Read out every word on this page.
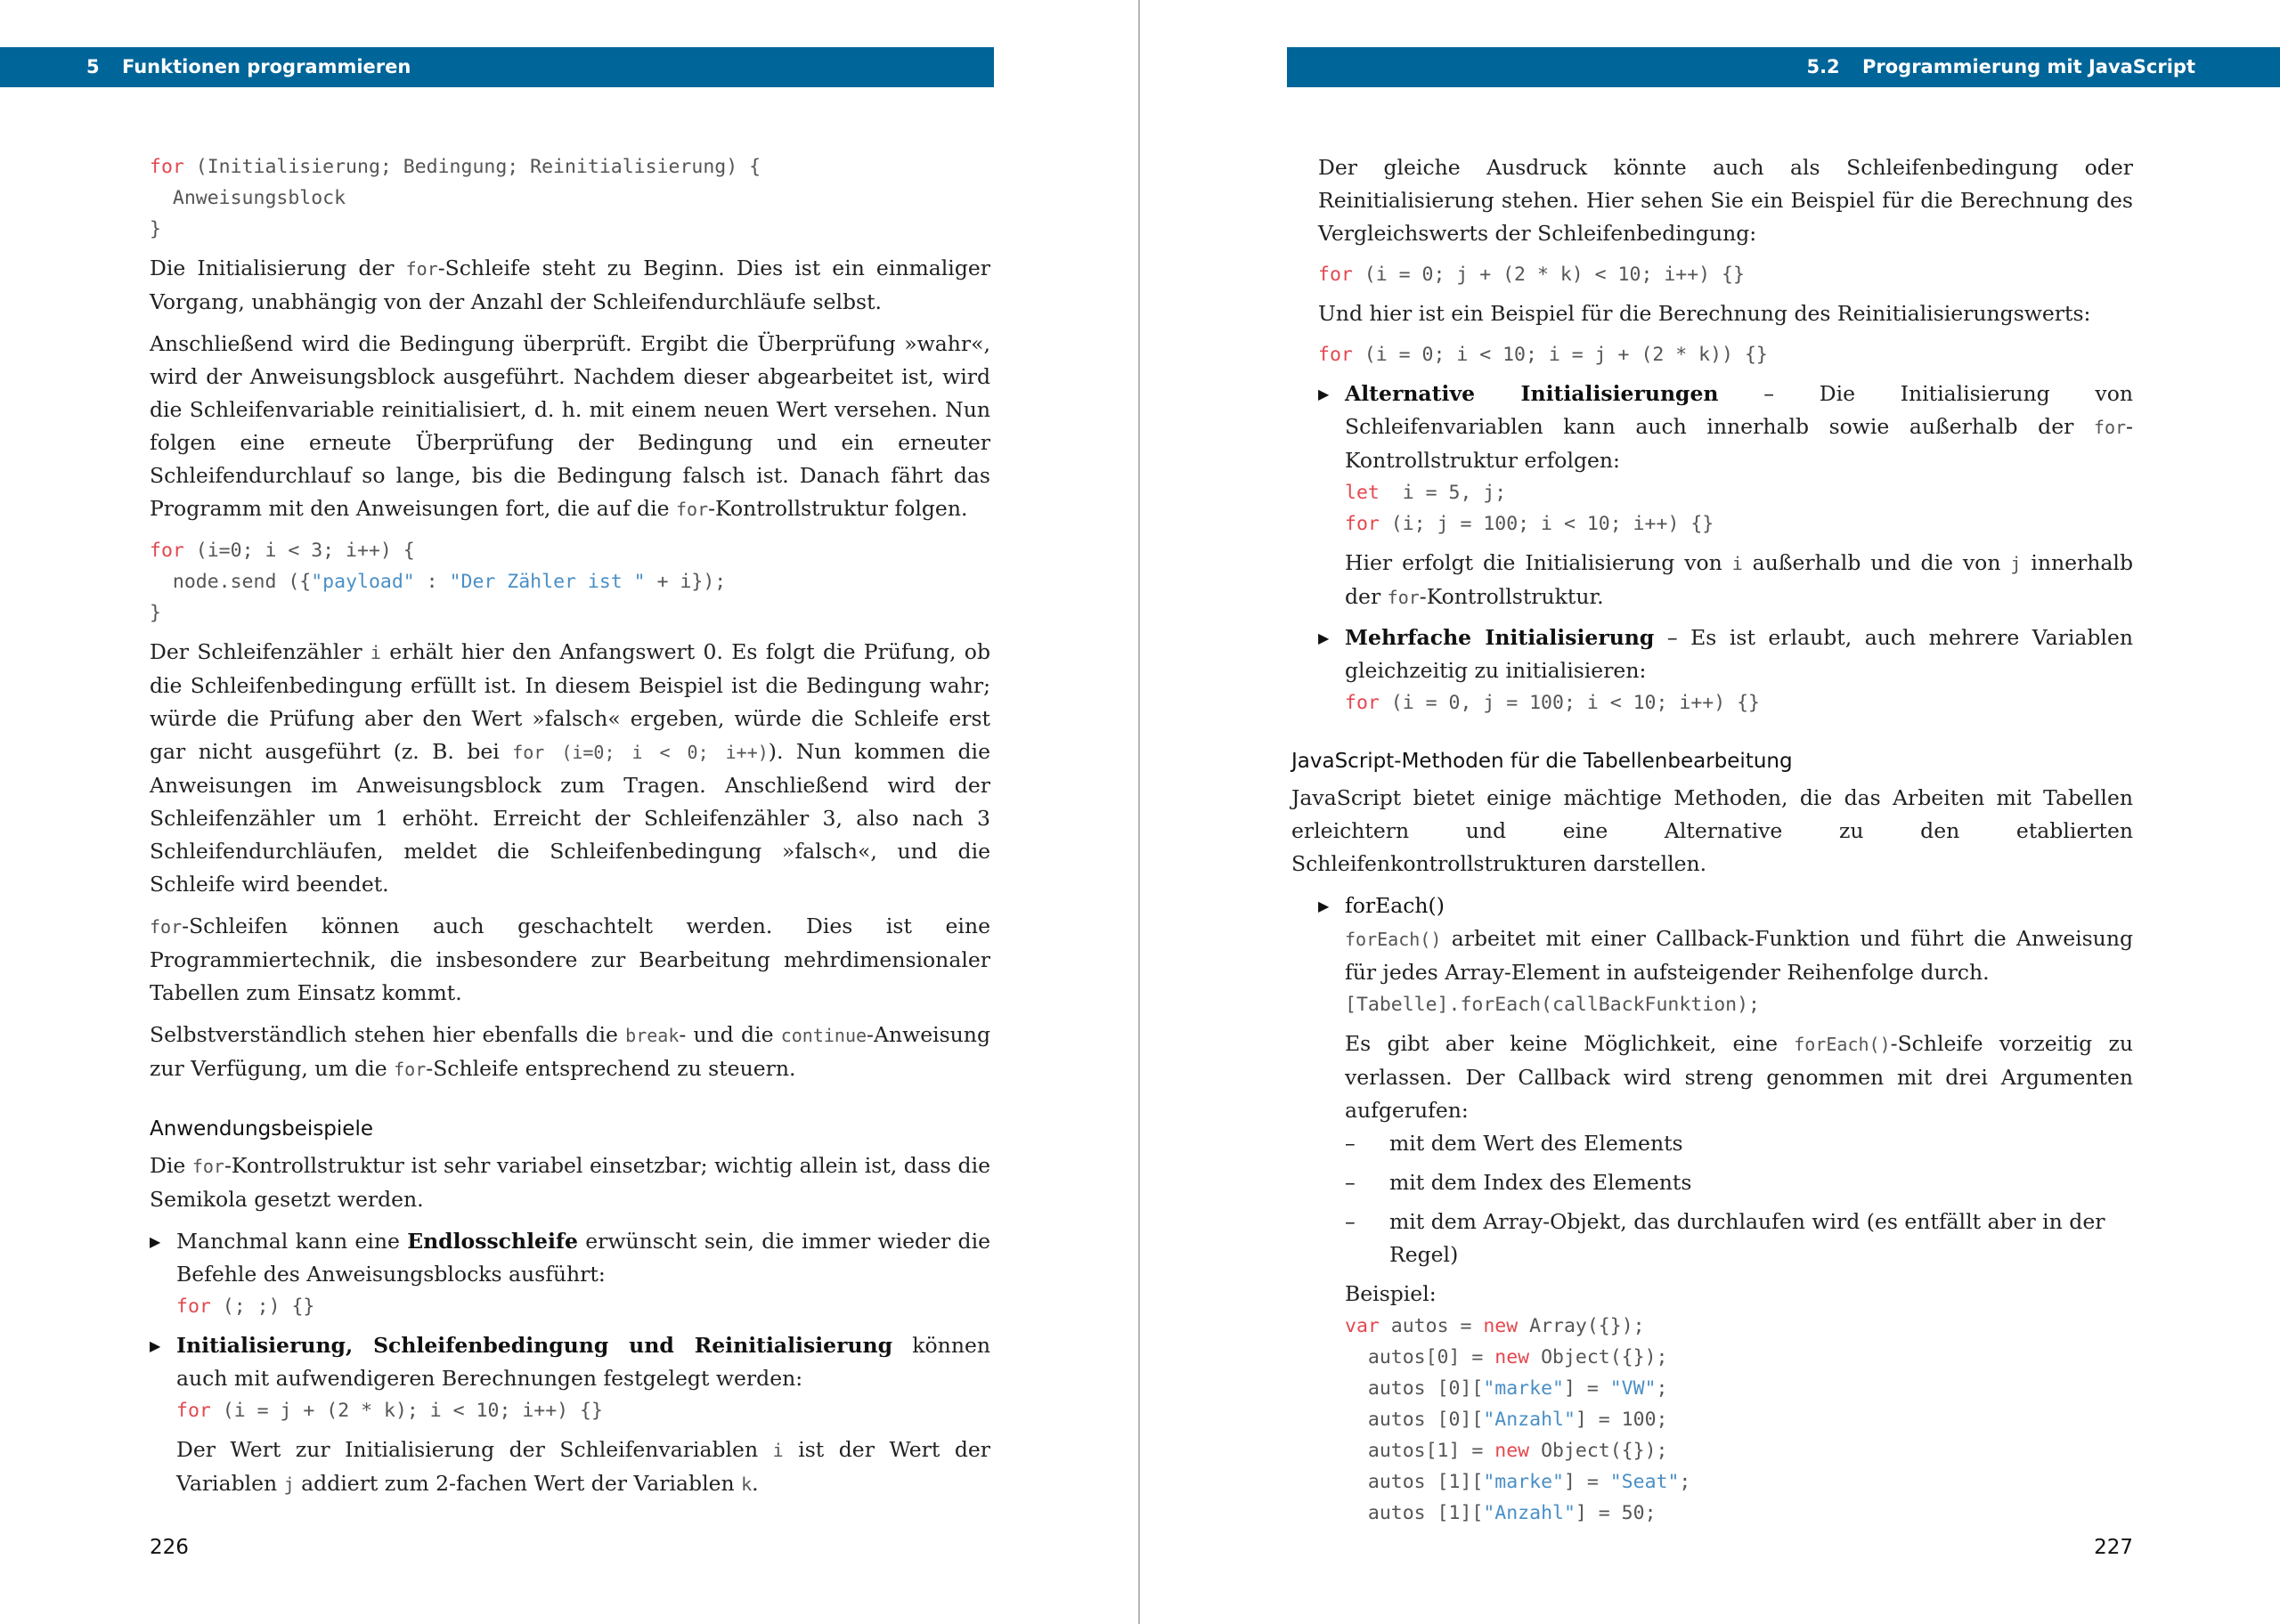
5 Funktionen programmieren
for (Initialisierung; Bedingung; Reinitialisierung) {
Anweisungsblock
}

Die Initialisierung der for-Schleife steht zu Beginn. Dies ist ein einmaliger Vorgang, unabhängig von der Anzahl der Schleifendurchläufe selbst.

Anschließend wird die Bedingung überprüft. Ergibt die Überprüfung »wahr«, wird der Anweisungsblock ausgeführt. Nachdem dieser abgearbeitet ist, wird die Schleifenvariable reinitialisiert, d. h. mit einem neuen Wert versehen. Nun folgen eine erneute Überprüfung der Bedingung und ein erneuter Schleifendurchlauf so lange, bis die Bedingung falsch ist. Danach fährt das Programm mit den Anweisungen fort, die auf die for-Kontrollstruktur folgen.

for (i=0; i < 3; i++) {
node.send ({"payload" : "Der Zähler ist " + i});
}

Der Schleifenzähler i erhält hier den Anfangswert 0. Es folgt die Prüfung, ob die Schleifenbedingung erfüllt ist. In diesem Beispiel ist die Bedingung wahr; würde die Prüfung aber den Wert »falsch« ergeben, würde die Schleife erst gar nicht ausgeführt (z. B. bei for (i=0; i < 0; i++)). Nun kommen die Anweisungen im Anweisungsblock zum Tragen. Anschließend wird der Schleifenzähler um 1 erhöht. Erreicht der Schleifenzähler 3, also nach 3 Schleifendurchläufen, meldet die Schleifenbedingung »falsch«, und die Schleife wird beendet.

for-Schleifen können auch geschachtelt werden. Dies ist eine Programmiertechnik, die insbesondere zur Bearbeitung mehrdimensionaler Tabellen zum Einsatz kommt.

Selbstverständlich stehen hier ebenfalls die break- und die continue-Anweisung zur Verfügung, um die for-Schleife entsprechend zu steuern.

Anwendungsbeispiele

Die for-Kontrollstruktur ist sehr variabel einsetzbar; wichtig allein ist, dass die Semikola gesetzt werden.

▶ Manchmal kann eine Endlosschleife erwünscht sein, die immer wieder die Befehle des Anweisungsblocks ausführt:
for (; ;) {}
▶ Initialisierung, Schleifenbedingung und Reinitialisierung können auch mit aufwendigeren Berechnungen festgelegt werden:
for (i = j + (2 * k); i < 10; i++) {}
Der Wert zur Initialisierung der Schleifenvariablen i ist der Wert der Variablen j addiert zum 2-fachen Wert der Variablen k.
226
5.2 Programmierung mit JavaScript

Der gleiche Ausdruck könnte auch als Schleifenbedingung oder Reinitialisierung stehen. Hier sehen Sie ein Beispiel für die Berechnung des Vergleichswerts der Schleifenbedingung:

for (i = 0; j + (2 * k) < 10; i++) {}

Und hier ist ein Beispiel für die Berechnung des Reinitialisierungswerts:

for (i = 0; i < 10; i = j + (2 * k)) {}
▶ Alternative Initialisierungen – Die Initialisierung von Schleifenvariablen kann auch innerhalb sowie außerhalb der for-Kontrollstruktur erfolgen:
let  i = 5, j;
for (i; j = 100; i < 10; i++) {}
Hier erfolgt die Initialisierung von i außerhalb und die von j innerhalb der for-Kontrollstruktur.
▶ Mehrfache Initialisierung – Es ist erlaubt, auch mehrere Variablen gleichzeitig zu initialisieren:
for (i = 0, j = 100; i < 10; i++) {}
JavaScript-Methoden für die Tabellenbearbeitung

JavaScript bietet einige mächtige Methoden, die das Arbeiten mit Tabellen erleichtern und eine Alternative zu den etablierten Schleifenkontrollstrukturen darstellen.

▶ forEach()
forEach() arbeitet mit einer Callback-Funktion und führt die Anweisung für jedes Array-Element in aufsteigender Reihenfolge durch.
[Tabelle].forEach(callBackFunktion);
Es gibt aber keine Möglichkeit, eine forEach()-Schleife vorzeitig zu verlassen. Der Callback wird streng genommen mit drei Argumenten aufgerufen:
– mit dem Wert des Elements
– mit dem Index des Elements
– mit dem Array-Objekt, das durchlaufen wird (es entfällt aber in der Regel)
Beispiel:
var autos = new Array({});
autos[0] = new Object({});
autos [0]["marke"] = "VW";
autos [0]["Anzahl"] = 100;
autos[1] = new Object({});
autos [1]["marke"] = "Seat";
autos [1]["Anzahl"] = 50;
227
